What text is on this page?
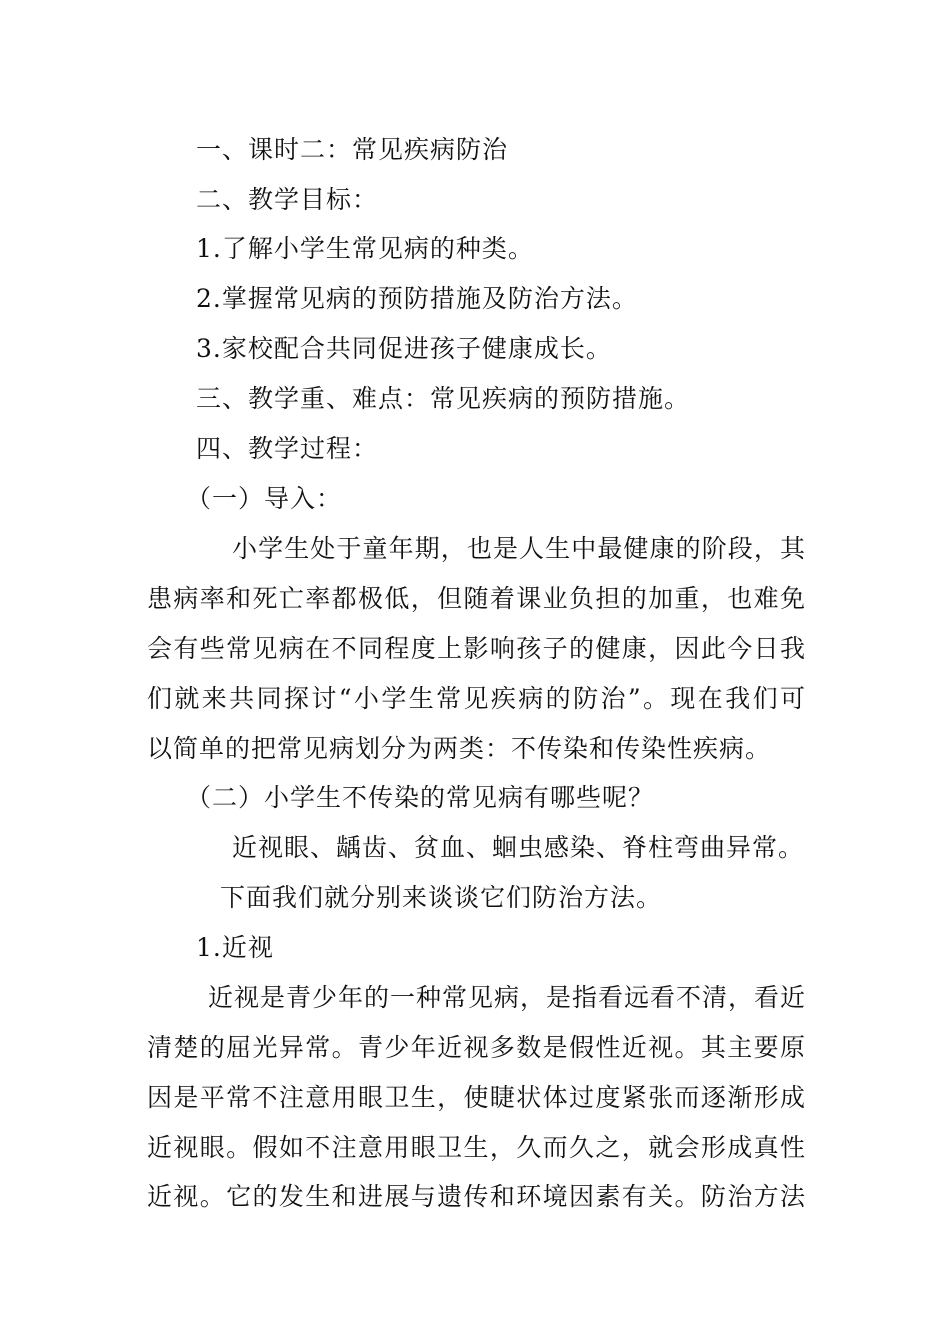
一、课时二：常见疾病防治
二、教学目标：
1.了解小学生常见病的种类。
2.掌握常见病的预防措施及防治方法。
3.家校配合共同促进孩子健康成长。
三、教学重、难点：常见疾病的预防措施。
四、教学过程：
（一）导入：
小学生处于童年期，也是人生中最健康的阶段，其
患病率和死亡率都极低，但随着课业负担的加重，也难免
会有些常见病在不同程度上影响孩子的健康，因此今日我
们就来共同探讨“小学生常见疾病的防治”。现在我们可
以简单的把常见病划分为两类：不传染和传染性疾病。
（二）小学生不传染的常见病有哪些呢？
近视眼、龋齿、贫血、蛔虫感染、脊柱弯曲异常。
下面我们就分别来谈谈它们防治方法。
1.近视
近视是青少年的一种常见病，是指看远看不清，看近
清楚的屈光异常。青少年近视多数是假性近视。其主要原
因是平常不注意用眼卫生，使睫状体过度紧张而逐渐形成
近视眼。假如不注意用眼卫生，久而久之，就会形成真性
近视。它的发生和进展与遗传和环境因素有关。防治方法
